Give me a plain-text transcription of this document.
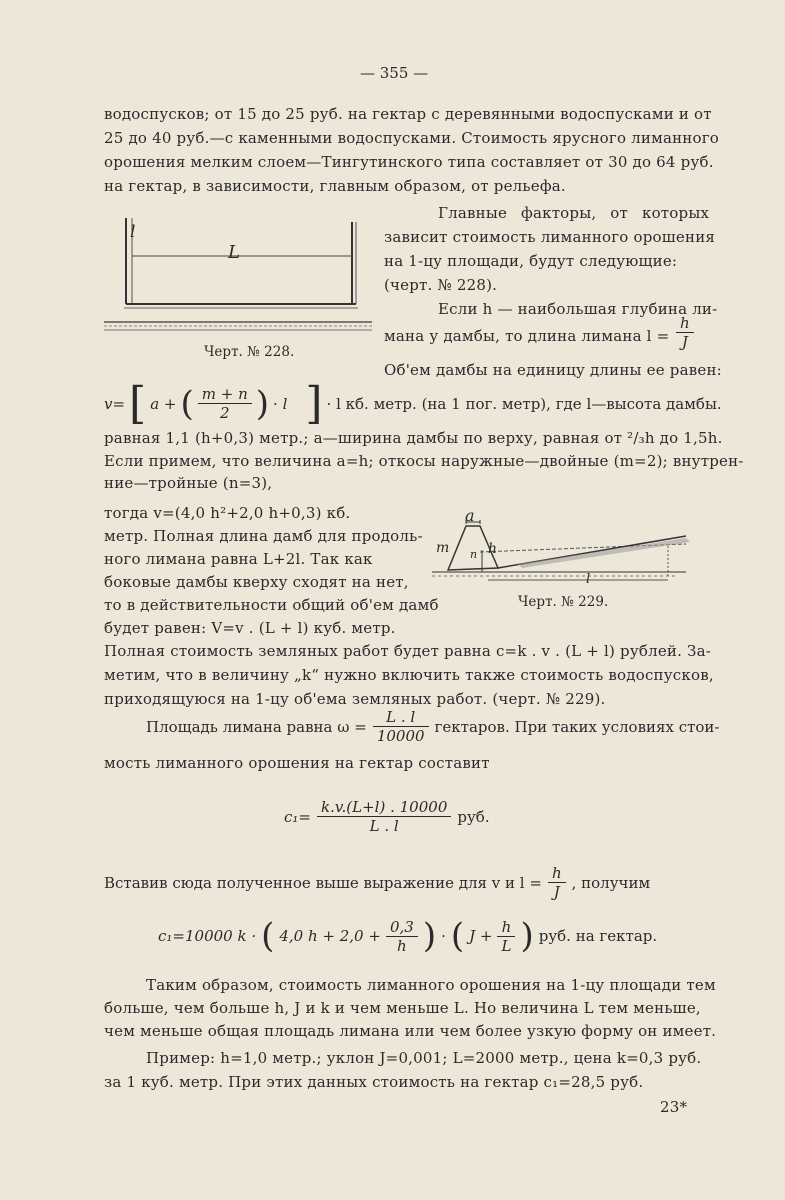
— 355 —
водоспусков; от 15 до 25 руб. на гектар с деревянными водоспусками и от
25 до 40 руб.—с каменными водоспусками. Стоимость ярусного лиманного
орошения мелким слоем—Тингутинского типа составляет от 30 до 64 руб.
на гектар, в зависимости, главным образом, от рельефа.
l
L
Черт. № 228.
Главные факторы, от которых
зависит стоимость лиманного орошения
на 1-цу площади, будут следующие:
(черт. № 228).
Если h — наибольшая глубина ли-
мана у дамбы, то длина лимана $l = \frac{h}{J}$
Об'ем дамбы на единицу длины ее равен:
v= [ a + ( $\frac{m + n}{2}$ ) · l ] · l кб. метр. (на 1 пог. метр), где l—высота дамбы.
равная 1,1 (h+0,3) метр.; a—ширина дамбы по верху, равная от ²/₃h до 1,5h.
Если примем, что величина a=h; откосы наружные—двойные (m=2); внутрен-
ние—тройные (n=3),
тогда v=(4,0 h²+2,0 h+0,3) кб.
метр. Полная длина дамб для продоль-
ного лимана равна L+2l. Так как
боковые дамбы кверху сходят на нет,
то в действительности общий об'ем дамб
будет равен: V=v . (L + l) куб. метр.
a
m n h
l
Черт. № 229.
Полная стоимость земляных работ будет равна c=k . v . (L + l) рублей. За-
метим, что в величину „k“ нужно включить также стоимость водоспусков,
приходящуюся на 1-цу об'ема земляных работ. (черт. № 229).
Площадь лимана равна $\omega = \frac{L . l}{10000}$ гектаров. При таких условиях стои-
мость лиманного орошения на гектар составит
$c_1= \frac{k.v.(L+l) . 10000}{L . l}$ руб.
Вставив сюда полученное выше выражение для v и $l = \frac{h}{J}$ , получим
c₁=10000 k · ( 4,0 $h + 2,0 + \frac{0,3}{h}$ ) · ( $J + \frac{h}{L}$ ) руб. на гектар.
Таким образом, стоимость лиманного орошения на 1-цу площади тем
больше, чем больше h, J и k и чем меньше L. Но величина L тем меньше,
чем меньше общая площадь лимана или чем более узкую форму он имеет.
Пример: h=1,0 метр.; уклон J=0,001; L=2000 метр., цена k=0,3 руб.
за 1 куб. метр. При этих данных стоимость на гектар c₁=28,5 руб.
23*
